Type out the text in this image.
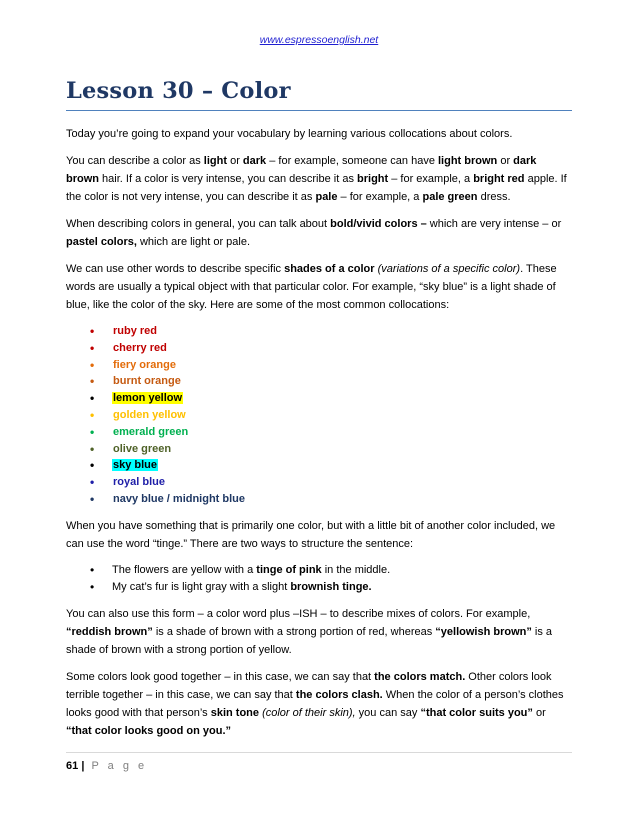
www.espressoenglish.net
Lesson 30 – Color

Today you’re going to expand your vocabulary by learning various collocations about colors.

You can describe a color as light or dark – for example, someone can have light brown or dark brown hair. If a color is very intense, you can describe it as bright – for example, a bright red apple. If the color is not very intense, you can describe it as pale – for example, a pale green dress.

When describing colors in general, you can talk about bold/vivid colors – which are very intense – or pastel colors, which are light or pale.

We can use other words to describe specific shades of a color (variations of a specific color). These words are usually a typical object with that particular color. For example, “sky blue” is a light shade of blue, like the color of the sky. Here are some of the most common collocations:

• ruby red
• cherry red
• fiery orange
• burnt orange
• lemon yellow
• golden yellow
• emerald green
• olive green
• sky blue
• royal blue
• navy blue / midnight blue

When you have something that is primarily one color, but with a little bit of another color included, we can use the word “tinge.” There are two ways to structure the sentence:

• The flowers are yellow with a tinge of pink in the middle.
• My cat’s fur is light gray with a slight brownish tinge.

You can also use this form – a color word plus –ISH – to describe mixes of colors. For example, “reddish brown” is a shade of brown with a strong portion of red, whereas “yellowish brown” is a shade of brown with a strong portion of yellow.

Some colors look good together – in this case, we can say that the colors match. Other colors look terrible together – in this case, we can say that the colors clash. When the color of a person’s clothes looks good with that person’s skin tone (color of their skin), you can say “that color suits you” or “that color looks good on you.”

61 | P a g e
